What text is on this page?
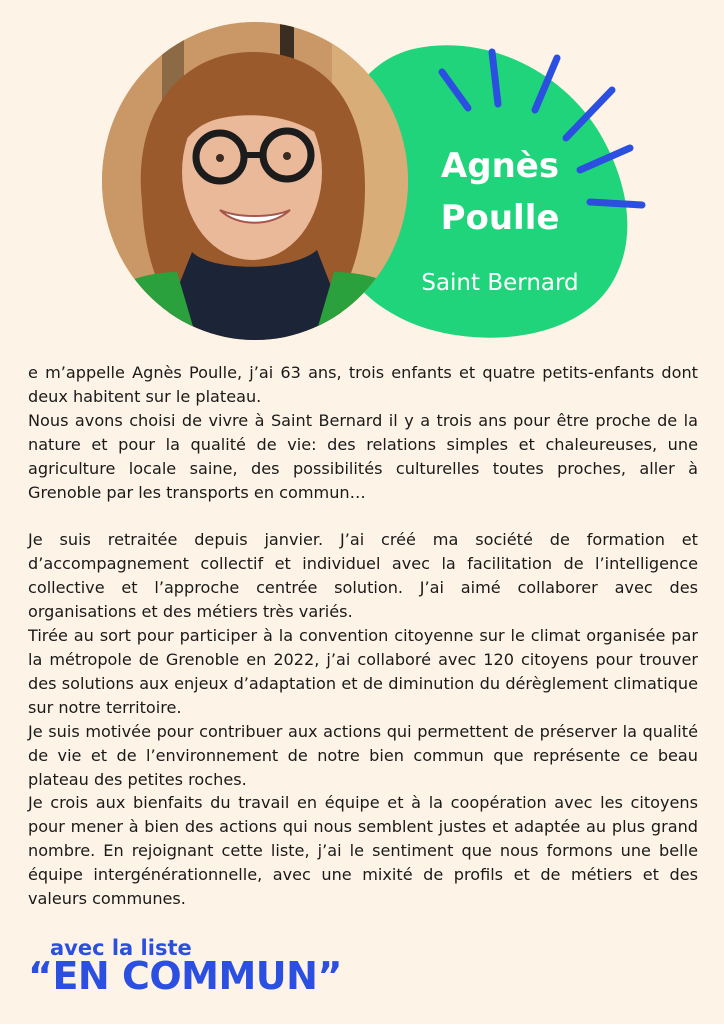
Agnès
Poulle
Saint Bernard

e m’appelle Agnès Poulle, j’ai 63 ans, trois enfants et quatre petits-enfants dont deux habitent sur le plateau.

Nous avons choisi de vivre à Saint Bernard il y a trois ans pour être proche de la nature et pour la qualité de vie: des relations simples et chaleureuses, une agriculture locale saine, des possibilités culturelles toutes proches, aller à Grenoble par les transports en commun…

Je suis retraitée depuis janvier. J’ai créé ma société de formation et d’accompagnement collectif et individuel avec la facilitation de l’intelligence collective et l’approche centrée solution. J’ai aimé collaborer avec des organisations et des métiers très variés.

Tirée au sort pour participer à la convention citoyenne sur le climat organisée par la métropole de Grenoble en 2022, j’ai collaboré avec 120 citoyens pour trouver des solutions aux enjeux d’adaptation et de diminution du dérèglement climatique sur notre territoire.

Je suis motivée pour contribuer aux actions qui permettent de préserver la qualité de vie et de l’environnement de notre bien commun que représente ce beau plateau des petites roches.

Je crois aux bienfaits du travail en équipe et à la coopération avec les citoyens pour mener à bien des actions qui nous semblent justes et adaptée au plus grand nombre. En rejoignant cette liste, j’ai le sentiment que nous formons une belle équipe intergénérationnelle, avec une mixité de profils et de métiers et des valeurs communes.

avec la liste
“EN COMMUN”
